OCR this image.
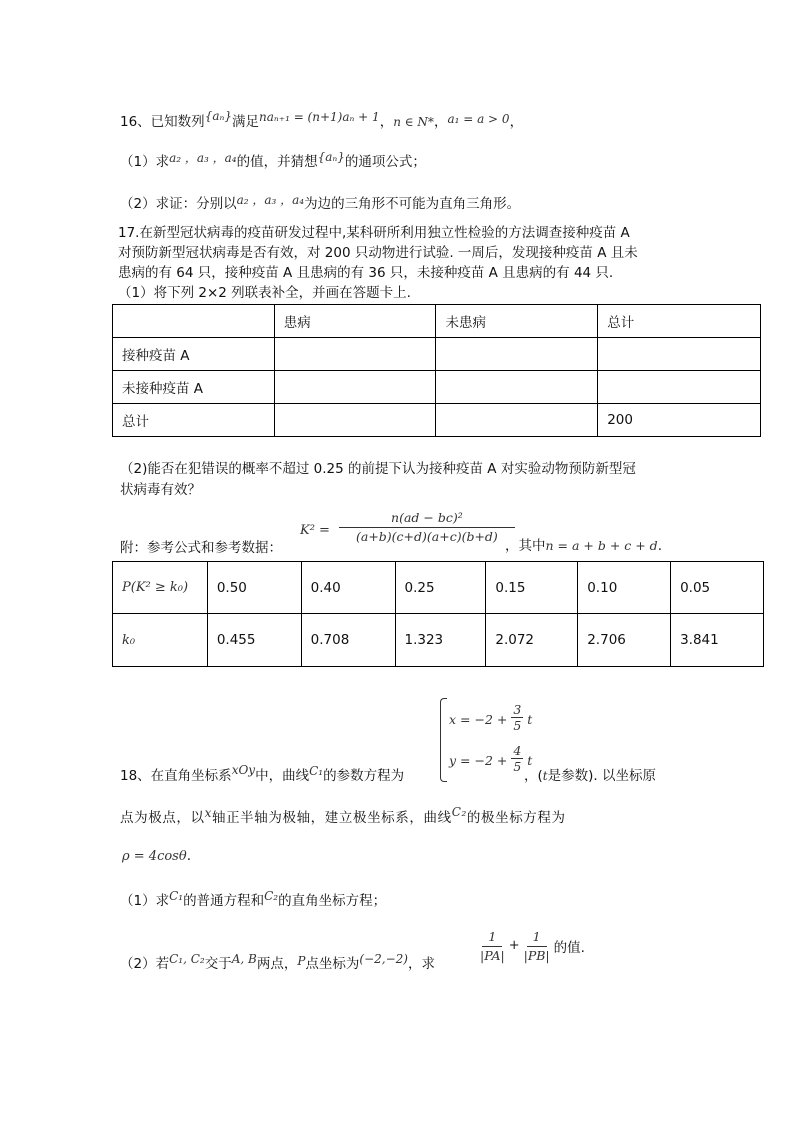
16、已知数列{aₙ}满足naₙ₊₁ = (n+1)aₙ + 1，n ∈ N*，a₁ = a > 0，
（1）求a₂ ，a₃ ，a₄的值，并猜想{aₙ}的通项公式；
（2）求证：分别以a₂ ，a₃ ，a₄为边的三角形不可能为直角三角形。
17.在新型冠状病毒的疫苗研发过程中,某科研所利用独立性检验的方法调查接种疫苗 A
对预防新型冠状病毒是否有效，对 200 只动物进行试验. 一周后，发现接种疫苗 A 且未
患病的有 64 只，接种疫苗 A 且患病的有 36 只，未接种疫苗 A 且患病的有 44 只.
（1）将下列 2×2 列联表补全，并画在答题卡上.
	患病	未患病	总计
接种疫苗 A			
未接种疫苗 A			
总计			200
（2)能否在犯错误的概率不超过 0.25 的前提下认为接种疫苗 A 对实验动物预防新型冠
状病毒有效？
$K^2 = \frac{\text{n(ad − bc)²}}{(a+b)(c+d)(a+c)(b+d)}$
附：参考公式和参考数据：	，其中n = a + b + c + d.
P(K² ≥ k₀)	0.50	0.40	0.25	0.15	0.10	0.05
k₀	0.455	0.708	1.323	2.072	2.706	3.841
$x = -2 + \frac{3}{5}$ t
$y = -2 + \frac{4}{5}$ t
18、在直角坐标系xOy中，曲线C₁的参数方程为	，(t是参数). 以坐标原
点为极点，以x轴正半轴为极轴，建立极坐标系，曲线C₂的极坐标方程为
ρ = 4cosθ.
（1）求C₁的普通方程和C₂的直角坐标方程；
（2）若C₁, C₂交于A, B两点，P点坐标为(−2,−2)，求	$\frac{1}{|PA|} + \frac{1}{|PB|}$ 的值.
